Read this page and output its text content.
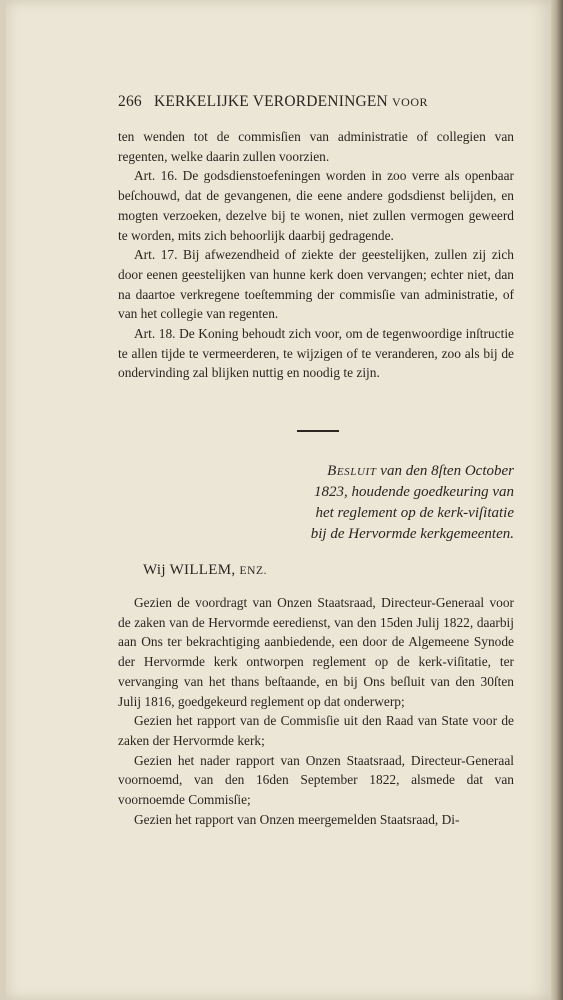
266 KERKELIJKE VERORDENINGEN VOOR

ten wenden tot de commisſien van administratie of collegien van regenten, welke daarin zullen voorzien.

Art. 16. De godsdienstoefeningen worden in zoo verre als openbaar beſchouwd, dat de gevangenen, die eene andere godsdienst belijden, en mogten verzoeken, dezelve bij te wonen, niet zullen vermogen geweerd te worden, mits zich behoorlijk daarbij gedragende.

Art. 17. Bij afwezendheid of ziekte der geestelijken, zullen zij zich door eenen geestelijken van hunne kerk doen vervangen; echter niet, dan na daartoe verkregene toeſtemming der commisſie van administratie, of van het collegie van regenten.

Art. 18. De Koning behoudt zich voor, om de tegenwoordige inſtructie te allen tijde te vermeerderen, te wijzigen of te veranderen, zoo als bij de ondervinding zal blijken nuttig en noodig te zijn.

Besluit van den 8ſten October
1823, houdende goedkeuring van
het reglement op de kerk-viſitatie
bij de Hervormde kerkgemeenten.
Wij WILLEM, ENZ.

Gezien de voordragt van Onzen Staatsraad, Directeur-Generaal voor de zaken van de Hervormde eeredienst, van den 15den Julij 1822, daarbij aan Ons ter bekrachtiging aanbiedende, een door de Algemeene Synode der Hervormde kerk ontworpen reglement op de kerk-viſitatie, ter vervanging van het thans beſtaande, en bij Ons beſluit van den 30ſten Julij 1816, goedgekeurd reglement op dat onderwerp;

Gezien het rapport van de Commisſie uit den Raad van State voor de zaken der Hervormde kerk;

Gezien het nader rapport van Onzen Staatsraad, Directeur-Generaal voornoemd, van den 16den September 1822, alsmede dat van voornoemde Commisſie;

Gezien het rapport van Onzen meergemelden Staatsraad, Di-
